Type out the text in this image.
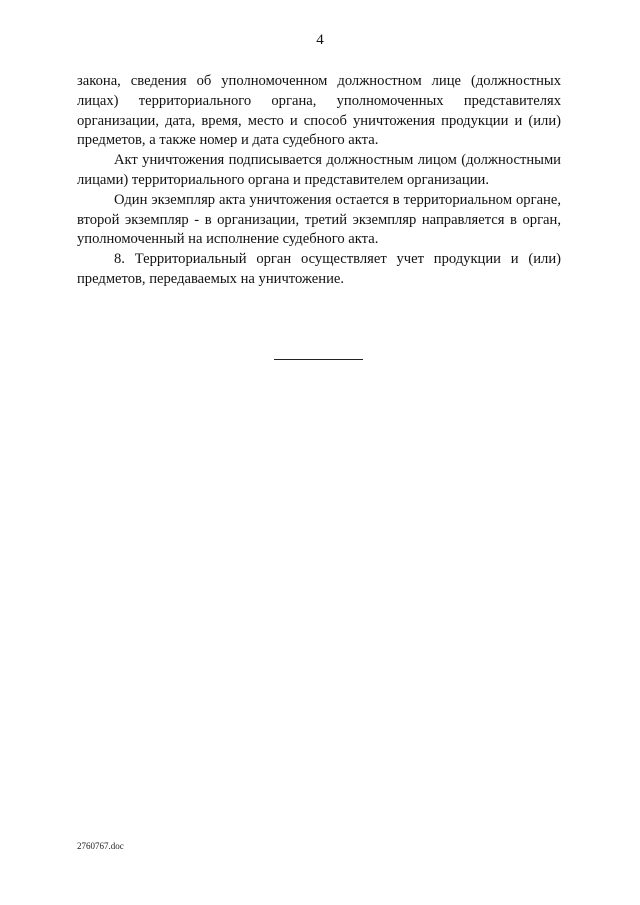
4

закона, сведения об уполномоченном должностном лице (должностных лицах) территориального органа, уполномоченных представителях организации, дата, время, место и способ уничтожения продукции и (или) предметов, а также номер и дата судебного акта.

Акт уничтожения подписывается должностным лицом (должностными лицами) территориального органа и представителем организации.

Один экземпляр акта уничтожения остается в территориальном органе, второй экземпляр - в организации, третий экземпляр направляется в орган, уполномоченный на исполнение судебного акта.

8. Территориальный орган осуществляет учет продукции и (или) предметов, передаваемых на уничтожение.

2760767.doc
